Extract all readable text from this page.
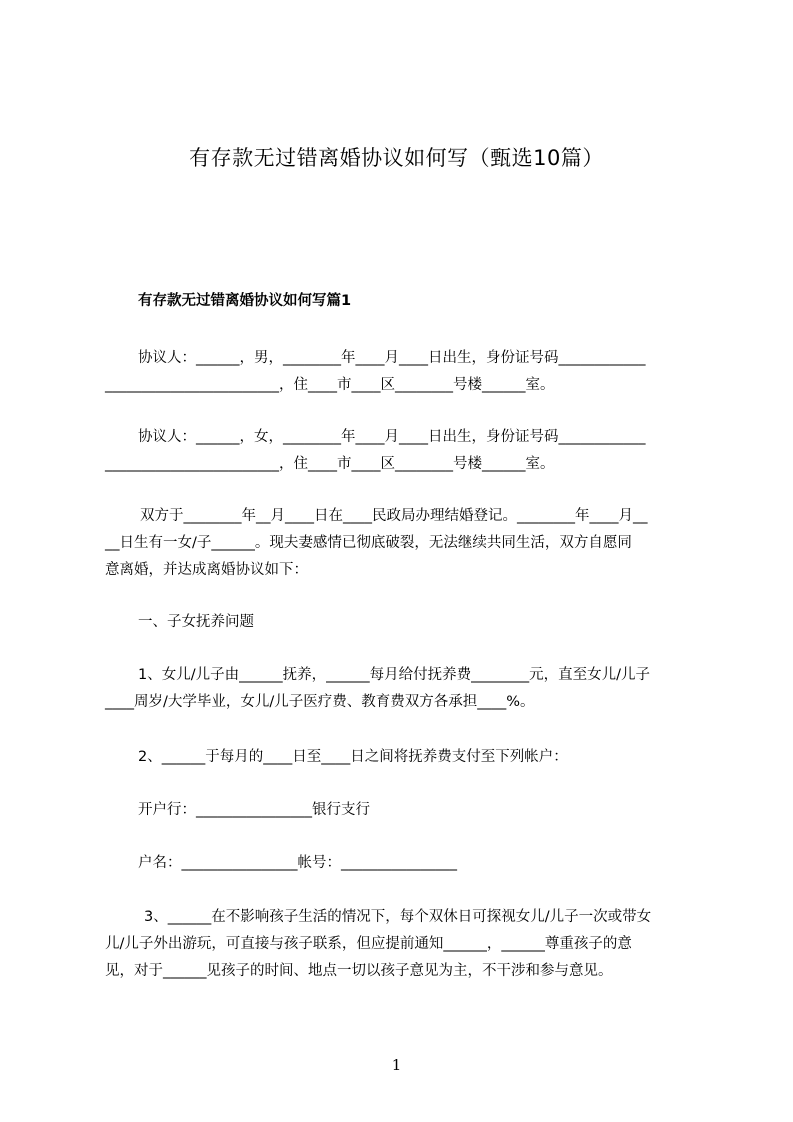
有存款无过错离婚协议如何写（甄选10篇）
有存款无过错离婚协议如何写篇1
协议人：______，男，________年____月____日出生，身份证号码____________
________________________，住____市____区________号楼______室。
协议人：______，女，________年____月____日出生，身份证号码____________
________________________，住____市____区________号楼______室。
双方于________年__月____日在____民政局办理结婚登记。________年____月__
__日生有一女/子______。现夫妻感情已彻底破裂，无法继续共同生活，双方自愿同
意离婚，并达成离婚协议如下：
一、子女抚养问题
1、女儿/儿子由______抚养，______每月给付抚养费________元，直至女儿/儿子
____周岁/大学毕业，女儿/儿子医疗费、教育费双方各承担____%。
2、______于每月的____日至____日之间将抚养费支付至下列帐户：
开户行：________________银行支行
户名：________________帐号：________________
3、______在不影响孩子生活的情况下，每个双休日可探视女儿/儿子一次或带女
儿/儿子外出游玩，可直接与孩子联系，但应提前通知______，______尊重孩子的意
见，对于______见孩子的时间、地点一切以孩子意见为主，不干涉和参与意见。
1
